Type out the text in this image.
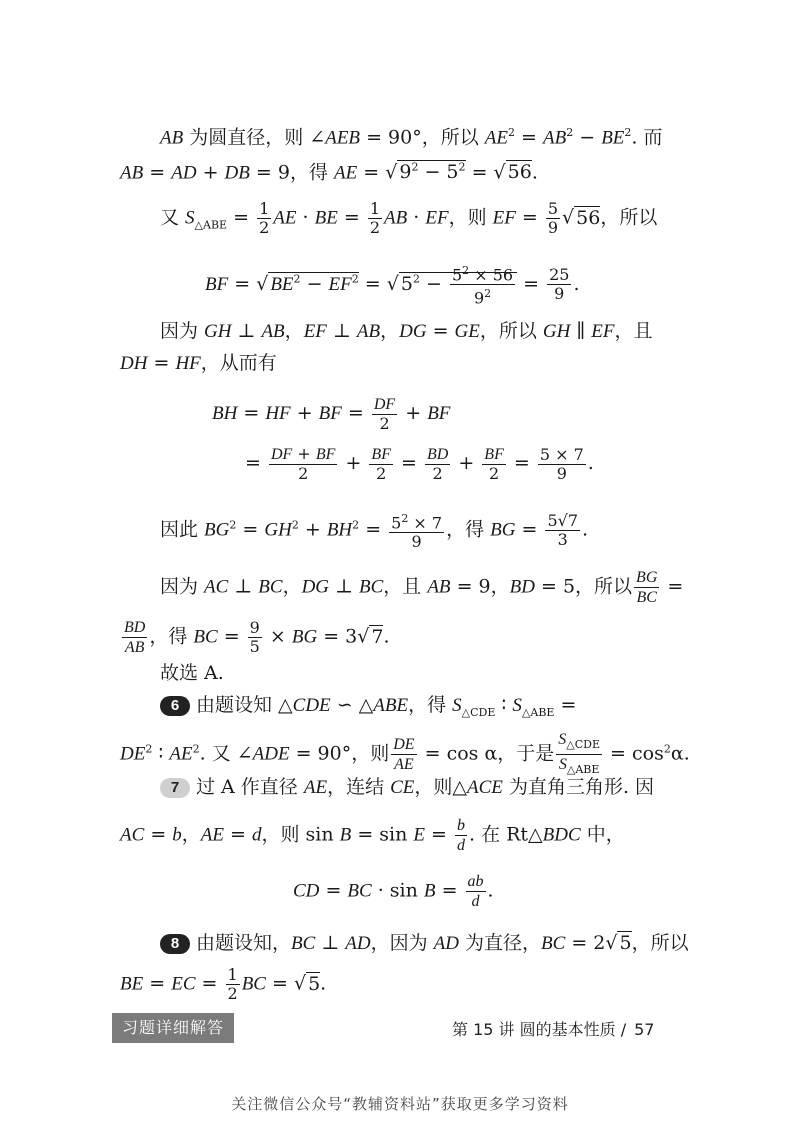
AB 为圆直径，则 ∠AEB = 90°，所以 $AE^2 = AB^2 - BE^2$. 而
AB = AD + DB = 9，得 AE = √ $9^2 - 5^2$ = √ 56.
又 $S_{\triangle ABE} = \frac{1}{2}$ AE · BE = $\frac{1}{2}$ AB · EF，则 EF = $\frac{5}{9}$ √ 56，所以
BF = √ $BE^2 - EF^2$ = √ $5^2 - \frac{5^2 \times 56}{9^2} = \frac{25}{9}$ .
因为 GH ⊥ AB，EF ⊥ AB，DG = GE，所以 GH ∥ EF，且
DH = HF，从而有
BH = HF + BF = $\frac{DF}{2}$ + BF
= $\frac{DF + BF}{2} + \frac{BF}{2} = \frac{BD}{2} + \frac{BF}{2} = \frac{5 \times 7}{9}$ .
因此 $BG^2 = GH^2 + BH^2 = \frac{5^2 \times 7}{9}$ ，得 BG = $\frac{5√7}{3}$ .
因为 AC ⊥ BC，DG ⊥ BC，且 AB = 9，BD = 5，所以 $\frac{BG}{BC}$ =
$\frac{BD}{AB}$ ，得 BC = $\frac{9}{5}$ × BG = 3√ 7.
故选 A.
6 由题设知 △CDE ∽ △ABE，得 $S_{\triangle CDE}$ ∶ $S_{\triangle ABE}$ =
$DE^2$ ∶ $AE^2$. 又 ∠ADE = 90°，则 $\frac{DE}{AE} = \cos \alpha$，于是 $\frac{S_{\triangle CDE}}{S_{\triangle ABE}} = \cos^2\alpha$.
7 过 A 作直径 AE，连结 CE，则△ACE 为直角三角形. 因
AC = b，AE = d，则 $\sin B = \sin E = \frac{b}{d}$ . 在 Rt△BDC 中，
CD = BC · $\sin B = \frac{ab}{d}$ .
8 由题设知，BC ⊥ AD，因为 AD 为直径，BC = 2√ 5，所以
BE = EC = $\frac{1}{2}$ BC = √ 5.
习题详细解答	第 15 讲 圆的基本性质 / 57
关注微信公众号“教辅资料站”获取更多学习资料
